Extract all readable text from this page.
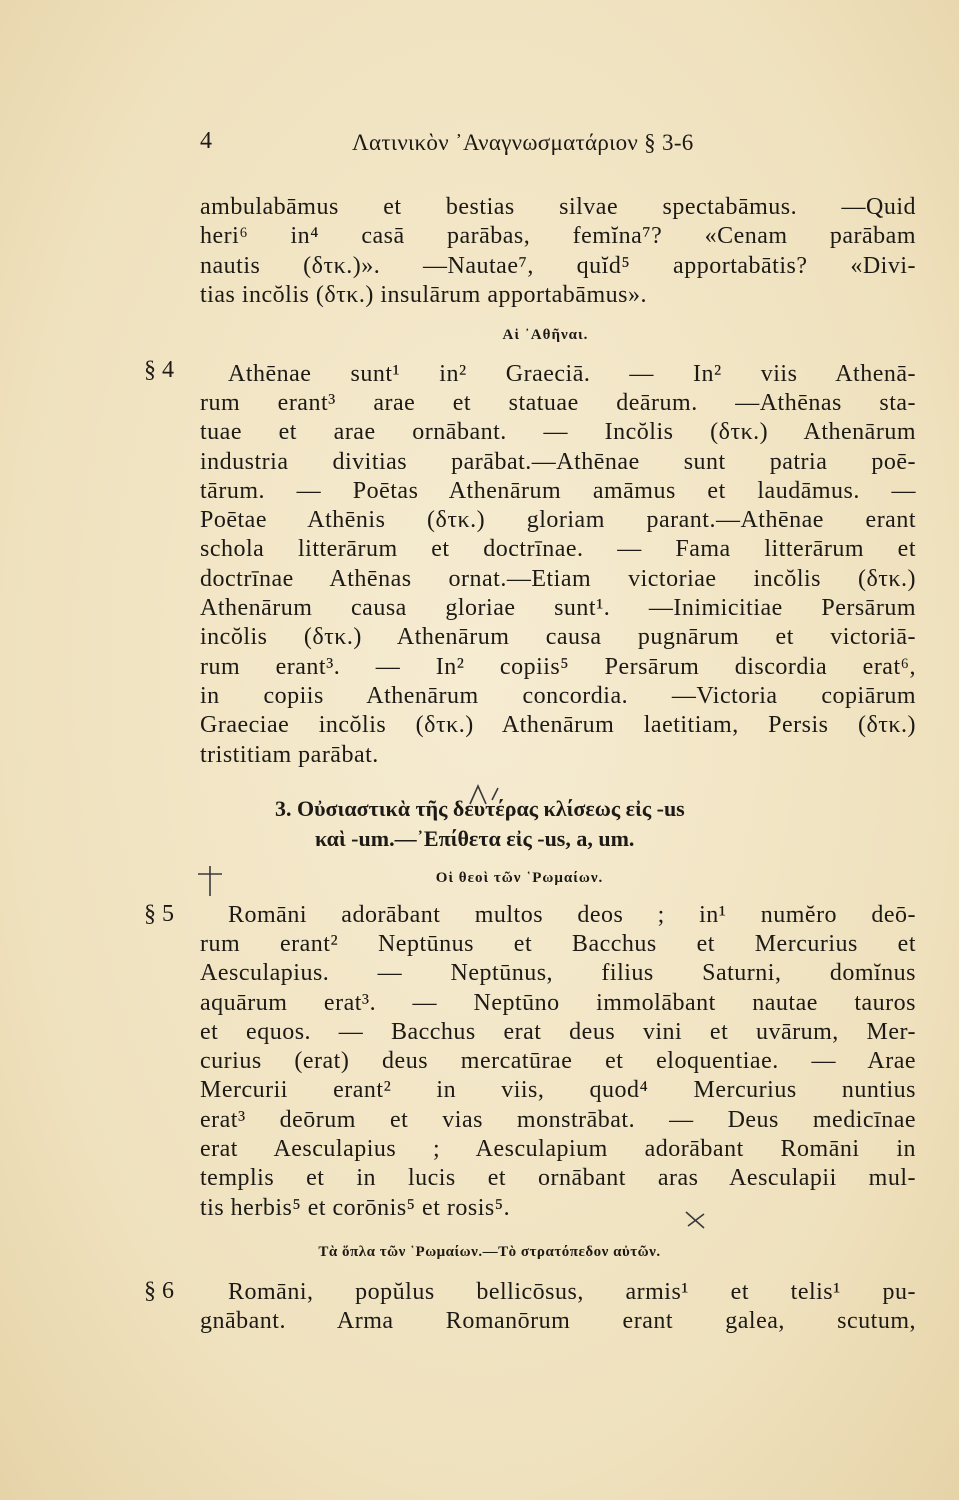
4	Λατινικὸν ᾿Αναγνωσματάριον § 3-6
ambulabāmus et bestias silvae spectabāmus. —Quid
heri⁶ in⁴ casā parābas, femĭna⁷? «Cenam parābam
nautis (δτκ.)». —Nautae⁷, quĭd⁵ apportabātis? «Divi-
tias incŏlis (δτκ.) insulārum apportabāmus».
Αἱ ᾿Αθῆναι.
§ 4 Athēnae sunt¹ in² Graeciā. — In² viis Athenā-
rum erant³ arae et statuae deārum. —Athēnas sta-
tuae et arae ornābant. — Incŏlis (δτκ.) Athenārum
industria divitias parābat.—Athēnae sunt patria poē-
tārum. — Poētas Athenārum amāmus et laudāmus. —
Poētae Athēnis (δτκ.) gloriam parant.—Athēnae erant
schola litterārum et doctrīnae. — Fama litterārum et
doctrīnae Athēnas ornat.—Etiam victoriae incŏlis (δτκ.)
Athenārum causa gloriae sunt¹. —Inimicitiae Persārum
incŏlis (δτκ.) Athenārum causa pugnārum et victoriā-
rum erant³. — In² copiis⁵ Persārum discordia erat⁶,
in copiis Athenārum concordia. —Victoria copiārum
Graeciae incŏlis (δτκ.) Athenārum laetitiam, Persis (δτκ.)
tristitiam parābat.
3. Οὐσιαστικὰ τῆς δευτέρας κλίσεως εἰς -us
καὶ -um.—᾿Επίθετα εἰς -us, a, um.
Οἱ θεοὶ τῶν ῾Ρωμαίων.
§ 5 Romāni adorābant multos deos ; in¹ numĕro deō-
rum erant² Neptūnus et Bacchus et Mercurius et
Aesculapius. — Neptūnus, filius Saturni, domĭnus
aquārum erat³. — Neptūno immolābant nautae tauros
et equos. — Bacchus erat deus vini et uvārum, Mer-
curius (erat) deus mercatūrae et eloquentiae. — Arae
Mercurii erant² in viis, quod⁴ Mercurius nuntius
erat³ deōrum et vias monstrābat. — Deus medicīnae
erat Aesculapius ; Aesculapium adorābant Romāni in
templis et in lucis et ornābant aras Aesculapii mul-
tis herbis⁵ et corōnis⁵ et rosis⁵.
Τὰ ὅπλα τῶν ῾Ρωμαίων.—Τὸ στρατόπεδον αὐτῶν.
§ 6 Romāni, popŭlus bellicōsus, armis¹ et telis¹ pu-
gnābant. Arma Romanōrum erant galea, scutum,
